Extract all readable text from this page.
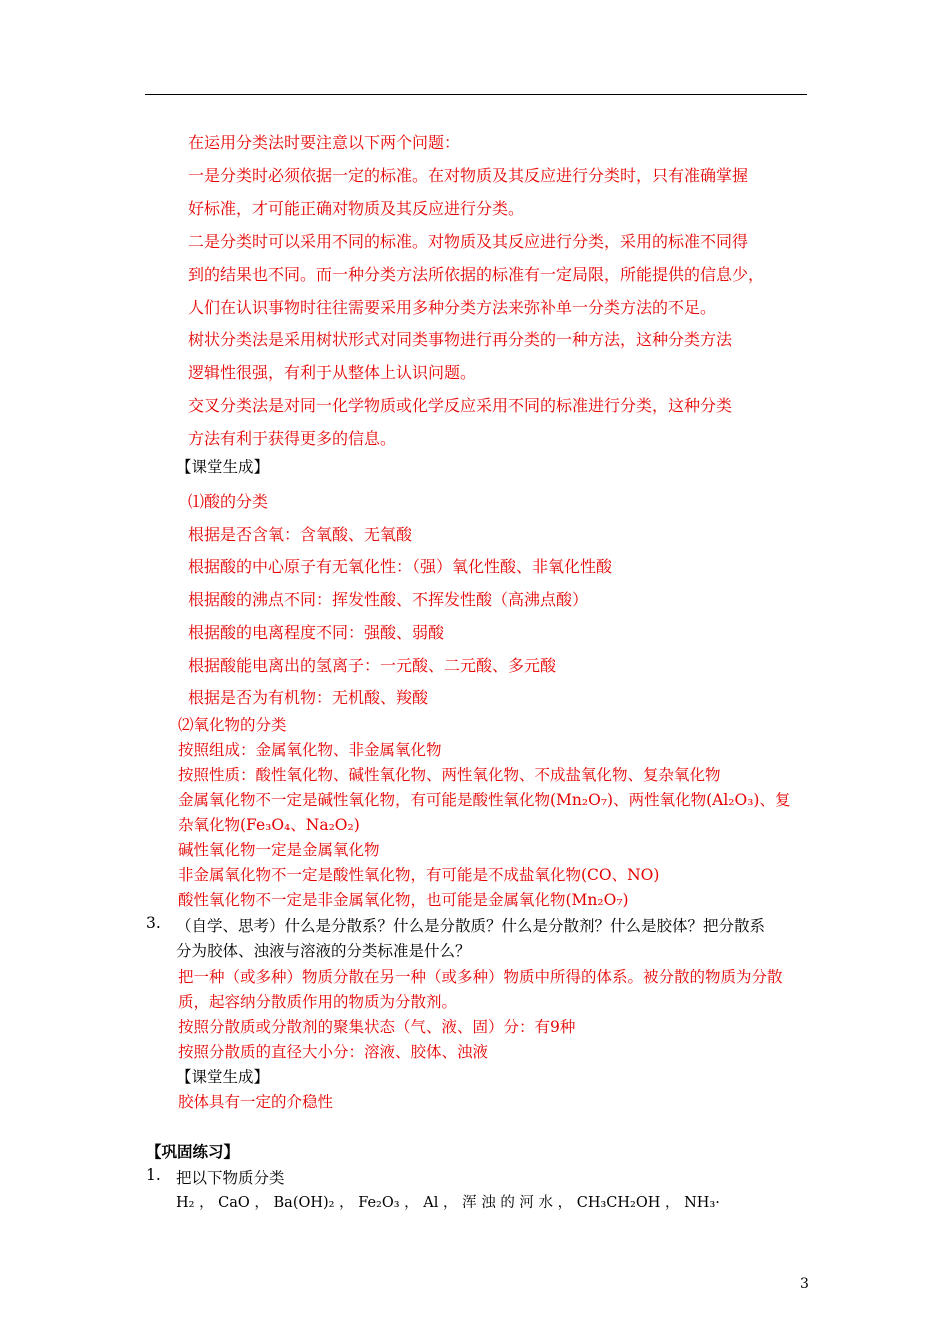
在运用分类法时要注意以下两个问题：
一是分类时必须依据一定的标准。在对物质及其反应进行分类时，只有准确掌握
好标准，才可能正确对物质及其反应进行分类。
二是分类时可以采用不同的标准。对物质及其反应进行分类，采用的标准不同得
到的结果也不同。而一种分类方法所依据的标准有一定局限，所能提供的信息少，
人们在认识事物时往往需要采用多种分类方法来弥补单一分类方法的不足。
树状分类法是采用树状形式对同类事物进行再分类的一种方法，这种分类方法
逻辑性很强，有利于从整体上认识问题。
交叉分类法是对同一化学物质或化学反应采用不同的标准进行分类，这种分类
方法有利于获得更多的信息。
【课堂生成】
⑴酸的分类
根据是否含氧：含氧酸、无氧酸
根据酸的中心原子有无氧化性：（强）氧化性酸、非氧化性酸
根据酸的沸点不同：挥发性酸、不挥发性酸（高沸点酸）
根据酸的电离程度不同：强酸、弱酸
根据酸能电离出的氢离子：一元酸、二元酸、多元酸
根据是否为有机物：无机酸、羧酸
⑵氧化物的分类
按照组成：金属氧化物、非金属氧化物
按照性质：酸性氧化物、碱性氧化物、两性氧化物、不成盐氧化物、复杂氧化物
金属氧化物不一定是碱性氧化物，有可能是酸性氧化物(Mn₂O₇)、两性氧化物(Al₂O₃)、复
杂氧化物(Fe₃O₄、Na₂O₂)
碱性氧化物一定是金属氧化物
非金属氧化物不一定是酸性氧化物，有可能是不成盐氧化物(CO、NO)
酸性氧化物不一定是非金属氧化物，也可能是金属氧化物(Mn₂O₇)
3. （自学、思考）什么是分散系？什么是分散质？什么是分散剂？什么是胶体？把分散系
分为胶体、浊液与溶液的分类标准是什么？
把一种（或多种）物质分散在另一种（或多种）物质中所得的体系。被分散的物质为分散
质，起容纳分散质作用的物质为分散剂。
按照分散质或分散剂的聚集状态（气、液、固）分：有9种
按照分散质的直径大小分：溶液、胶体、浊液
【课堂生成】
胶体具有一定的介稳性
【巩固练习】
1. 把以下物质分类
H₂ ， CaO ， Ba(OH)₂ ， Fe₂O₃ ， Al ， 浑 浊 的 河 水 ， CH₃CH₂OH ， NH₃·
3
